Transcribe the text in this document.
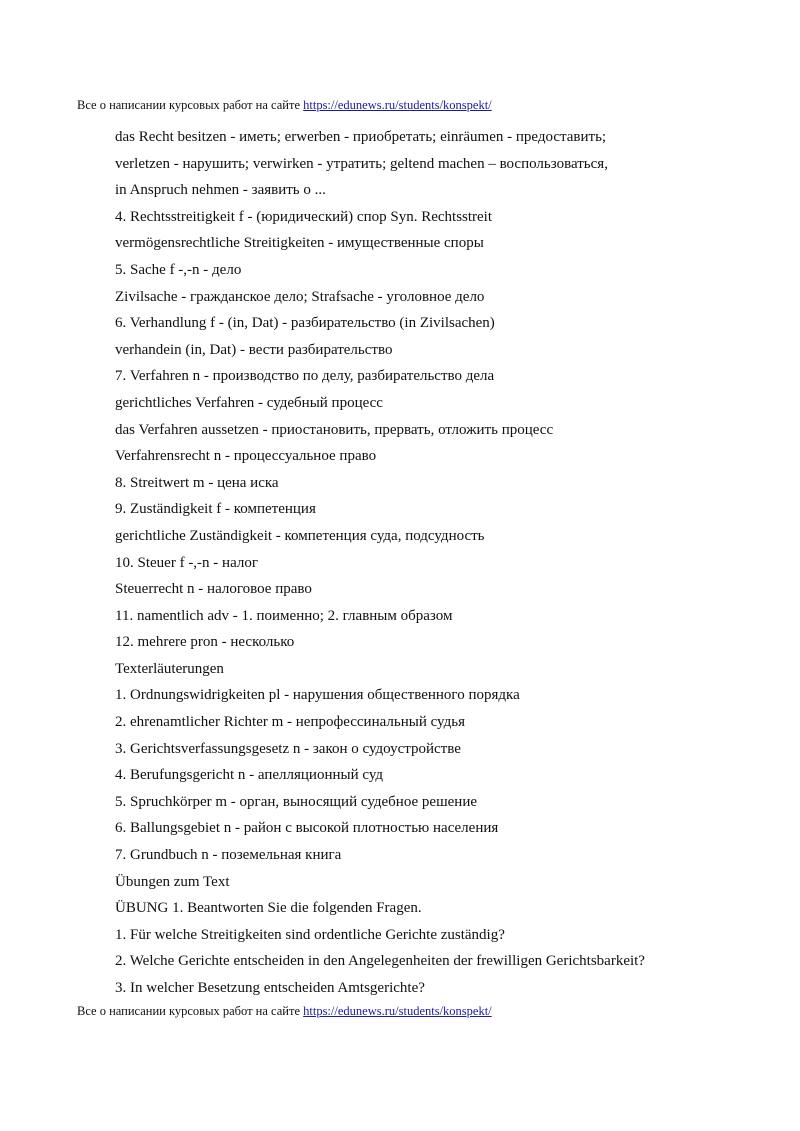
Все о написании курсовых работ на сайте https://edunews.ru/students/konspekt/

das Recht besitzen - иметь; erwerben - приобретать; einräumen - предоставить;

verletzen - нарушить; verwirken - утратить; geltend machen – воспользоваться,

in Anspruch nehmen - заявить о ...

4. Rechtsstreitigkeit f - (юридический) спор Syn. Rechtsstreit

vermögensrechtliche Streitigkeiten - имущественные споры

5. Sache f -,-n - дело

Zivilsache - гражданское дело; Strafsache - уголовное дело

6. Verhandlung f - (in, Dat) - разбирательство (in Zivilsachen)

verhandein (in, Dat) - вести разбирательство

7. Verfahren n - производство по делу, разбирательство дела

gerichtliches Verfahren - судебный процесс

das Verfahren aussetzen - приостановить, прервать, отложить процесс

Verfahrensrecht n - процессуальное право

8. Streitwert m - цена иска

9. Zuständigkeit f - компетенция

gerichtliche Zuständigkeit - компетенция суда, подсудность

10. Steuer f -,-n - налог

Steuerrecht n - налоговое право

11. namentlich adv - 1. поименно; 2. главным образом

12. mehrere pron - несколько

Texterläuterungen

1. Ordnungswidrigkeiten pl - нарушения общественного порядка

2. ehrenamtlicher Richter m - непрофессинальный судья

3. Gerichtsverfassungsgesetz n - закон о судоустройстве

4. Berufungsgericht n - апелляционный суд

5. Spruchkörper m - орган, выносящий судебное решение

6. Ballungsgebiet n - район с высокой плотностью населения

7. Grundbuch n - поземельная книга

Übungen zum Text

ÜBUNG 1. Beantworten Sie die folgenden Fragen.

1. Für welche Streitigkeiten sind ordentliche Gerichte zuständig?

2. Welche Gerichte entscheiden in den Angelegenheiten der frewilligen Gerichtsbarkeit?

3. In welcher Besetzung entscheiden Amtsgerichte?

Все о написании курсовых работ на сайте https://edunews.ru/students/konspekt/
